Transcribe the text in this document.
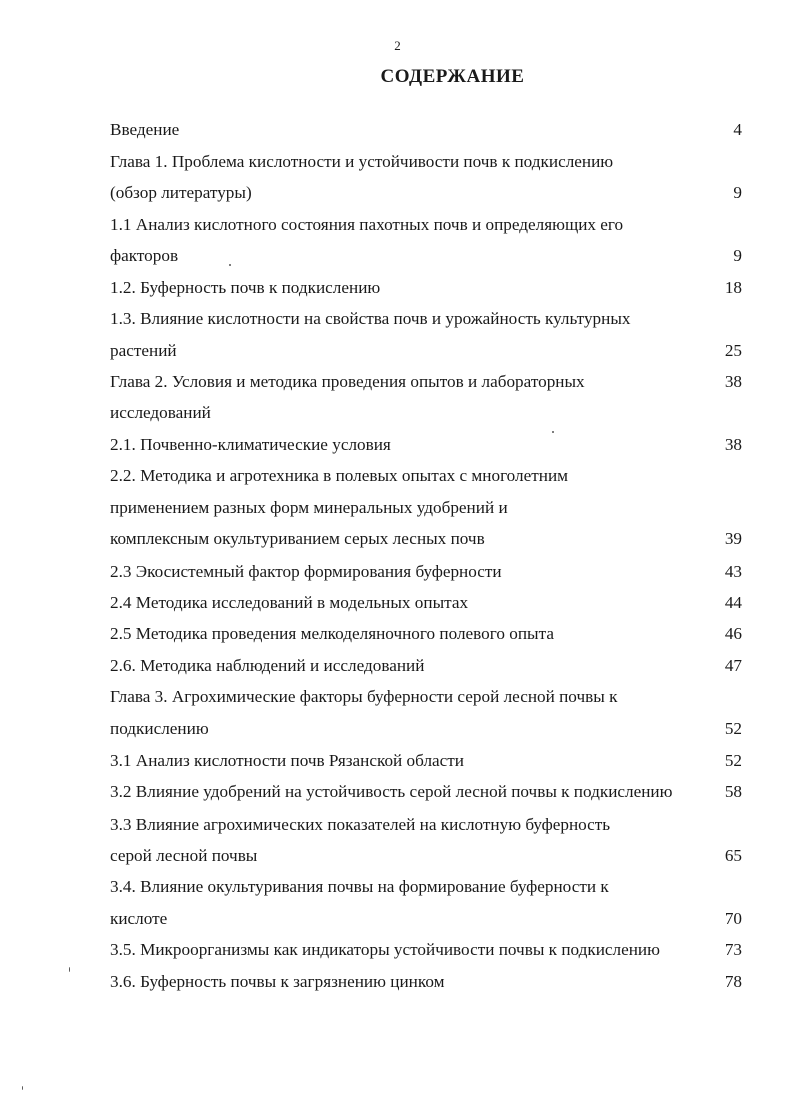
2
СОДЕРЖАНИЕ
Введение	4
Глава 1. Проблема кислотности и устойчивости почв к подкислению
(обзор литературы)	9
1.1 Анализ кислотного состояния пахотных почв и определяющих его
факторов	9
1.2. Буферность почв к подкислению	18
1.3. Влияние кислотности на свойства почв и урожайность культурных
растений	25
Глава 2. Условия и методика проведения опытов и лабораторных	38
исследований
2.1. Почвенно-климатические условия	38
2.2. Методика и агротехника в полевых опытах с многолетним
применением разных форм минеральных удобрений и
комплексным окультуриванием серых лесных почв	39
2.3 Экосистемный фактор формирования буферности	43
2.4 Методика исследований в модельных опытах	44
2.5 Методика проведения мелкоделяночного полевого опыта	46
2.6. Методика наблюдений и исследований	47
Глава 3. Агрохимические факторы буферности серой лесной почвы к
подкислению	52
3.1 Анализ кислотности почв Рязанской области	52
3.2 Влияние удобрений на устойчивость серой лесной почвы к подкислению	58
3.3 Влияние агрохимических показателей на кислотную буферность
серой лесной почвы	65
3.4. Влияние окультуривания почвы на формирование буферности к
кислоте	70
3.5. Микроорганизмы как индикаторы устойчивости почвы к подкислению	73
3.6. Буферность почвы к загрязнению цинком	78
